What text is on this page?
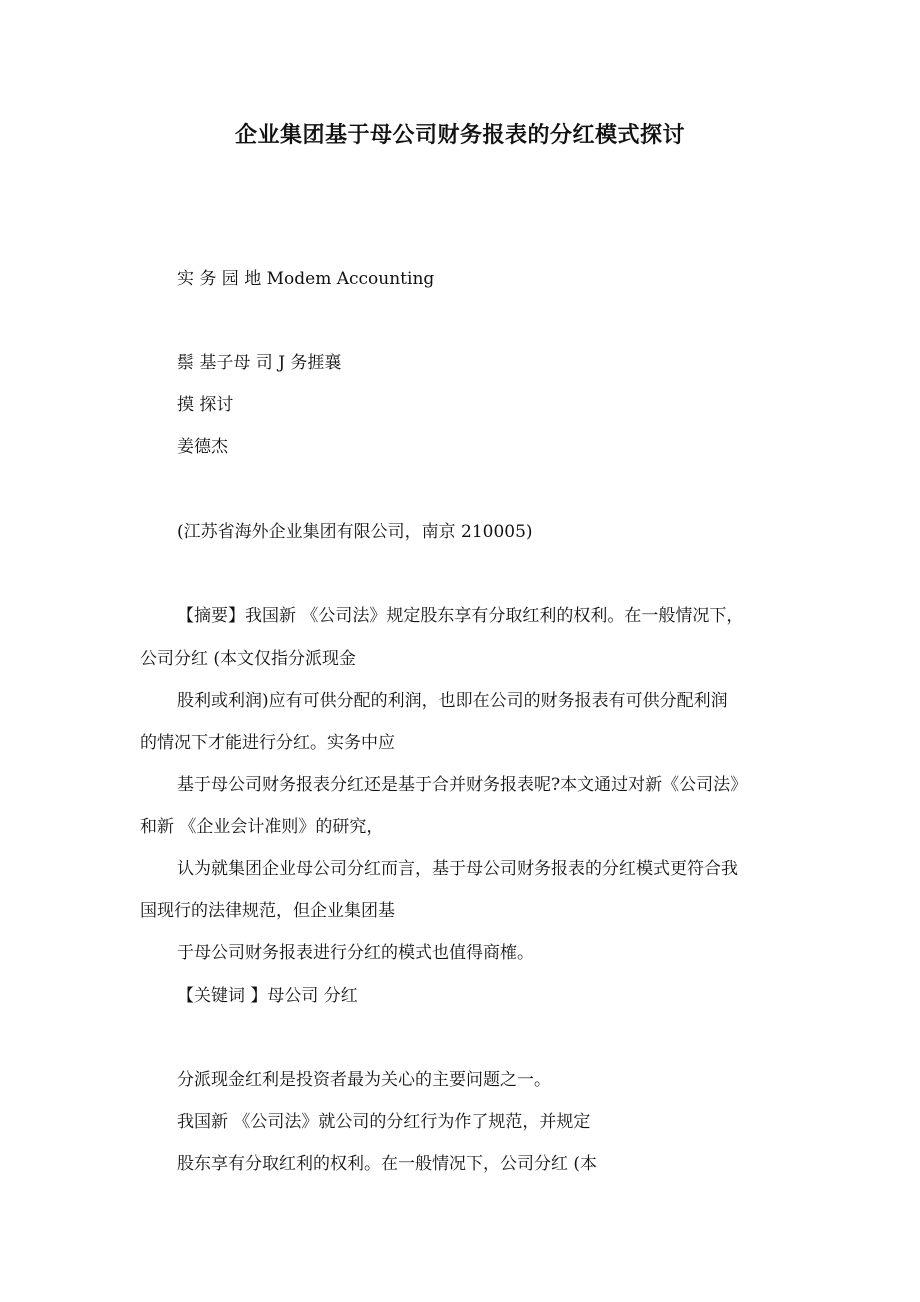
企业集团基于母公司财务报表的分红模式探讨
实 务 园 地 Modem Accounting
鬃 基子母 司 J 务捱襄
摸 探讨
姜德杰
(江苏省海外企业集团有限公司，南京 210005)
【摘要】我国新 《公司法》规定股东享有分取红利的权利。在一般情况下，
公司分红 (本文仅指分派现金
股利或利润)应有可供分配的利润，也即在公司的财务报表有可供分配利润
的情况下才能进行分红。实务中应
基于母公司财务报表分红还是基于合并财务报表呢?本文通过对新《公司法》
和新 《企业会计准则》的研究，
认为就集团企业母公司分红而言，基于母公司财务报表的分红模式更符合我
国现行的法律规范，但企业集团基
于母公司财务报表进行分红的模式也值得商榷。
【关键词 】母公司 分红
分派现金红利是投资者最为关心的主要问题之一。
我国新 《公司法》就公司的分红行为作了规范，并规定
股东享有分取红利的权利。在一般情况下，公司分红 (本
